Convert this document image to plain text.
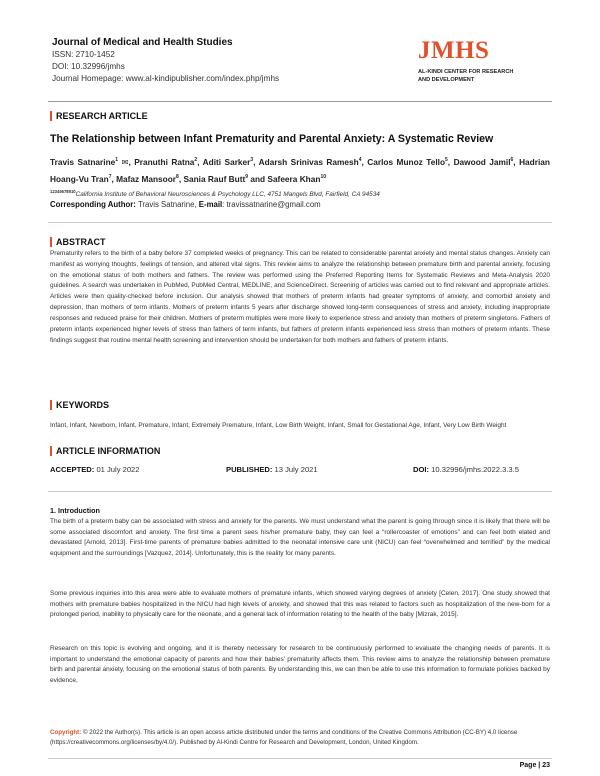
Journal of Medical and Health Studies
ISSN: 2710-1452
DOI: 10.32996/jmhs
Journal Homepage: www.al-kindipublisher.com/index.php/jmhs
JMHS
AL-KINDI CENTER FOR RESEARCH
AND DEVELOPMENT
RESEARCH ARTICLE
The Relationship between Infant Prematurity and Parental Anxiety: A Systematic Review
Travis Satnarine$^1$ ✉, Pranuthi Ratna$^2$, Aditi Sarker$^3$, Adarsh Srinivas Ramesh$^4$, Carlos Munoz Tello$^5$, Dawood Jamil$^6$, Hadrian Hoang-Vu Tran$^7$, Mafaz Mansoor$^8$, Sania Rauf Butt$^9$ and Safeera Khan$^{10}$
$^{12345678910}$California Institute of Behavioral Neurosciences & Psychology LLC, 4751 Mangels Blvd, Fairfield, CA 94534
Corresponding Author: Travis Satnarine, E-mail: travissatnarine@gmail.com
ABSTRACT
Prematurity refers to the birth of a baby before 37 completed weeks of pregnancy. This can be related to considerable parental anxiety and mental status changes. Anxiety can manifest as worrying thoughts, feelings of tension, and altered vital signs. This review aims to analyze the relationship between premature birth and parental anxiety, focusing on the emotional status of both mothers and fathers. The review was performed using the Preferred Reporting Items for Systematic Reviews and Meta-Analysis 2020 guidelines. A search was undertaken in PubMed, PubMed Central, MEDLINE, and ScienceDirect. Screening of articles was carried out to find relevant and appropriate articles. Articles were then quality-checked before inclusion. Our analysis showed that mothers of preterm infants had greater symptoms of anxiety, and comorbid anxiety and depression, than mothers of term infants. Mothers of preterm infants 5 years after discharge showed long-term consequences of stress and anxiety, including inappropriate responses and reduced praise for their children. Mothers of preterm multiples were more likely to experience stress and anxiety than mothers of preterm singletons. Fathers of preterm infants experienced higher levels of stress than fathers of term infants, but fathers of preterm infants experienced less stress than mothers of preterm infants. These findings suggest that routine mental health screening and intervention should be undertaken for both mothers and fathers of preterm infants.
KEYWORDS
Infant, Infant, Newborn, Infant, Premature, Infant, Extremely Premature, Infant, Low Birth Weight, Infant, Small for Gestational Age, Infant, Very Low Birth Weight
ARTICLE INFORMATION
ACCEPTED: 01 July 2022	PUBLISHED: 13 July 2021	DOI: 10.32996/jmhs.2022.3.3.5
1. Introduction
The birth of a preterm baby can be associated with stress and anxiety for the parents. We must understand what the parent is going through since it is likely that there will be some associated discomfort and anxiety. The first time a parent sees his/her premature baby, they can feel a “rollercoaster of emotions” and can feel both elated and devastated [Arnold, 2013]. First-time parents of premature babies admitted to the neonatal intensive care unit (NICU) can feel “overwhelmed and terrified” by the medical equipment and the surroundings [Vazquez, 2014]. Unfortunately, this is the reality for many parents.
Some previous inquiries into this area were able to evaluate mothers of premature infants, which showed varying degrees of anxiety [Celen, 2017]. One study showed that mothers with premature babies hospitalized in the NICU had high levels of anxiety, and showed that this was related to factors such as hospitalization of the new-born for a prolonged period, inability to physically care for the neonate, and a general lack of information relating to the health of the baby [Mizrak, 2015].
Research on this topic is evolving and ongoing, and it is thereby necessary for research to be continuously performed to evaluate the changing needs of parents. It is important to understand the emotional capacity of parents and how their babies’ prematurity affects them. This review aims to analyze the relationship between premature birth and parental anxiety, focusing on the emotional status of both parents. By understanding this, we can then be able to use this information to formulate policies backed by evidence,
Copyright: © 2022 the Author(s). This article is an open access article distributed under the terms and conditions of the Creative Commons Attribution (CC-BY) 4.0 license (https://creativecommons.org/licenses/by/4.0/). Published by Al-Kindi Centre for Research and Development, London, United Kingdom.
Page | 23
